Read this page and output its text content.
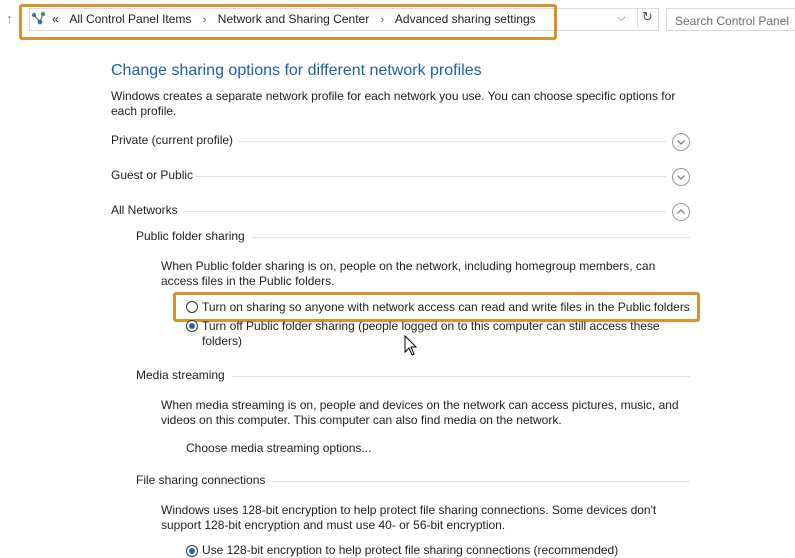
↑	« All Control Panel Items › Network and Sharing Center › Advanced sharing settings	⌵	↻	Search Control Panel
Change sharing options for different network profiles
Windows creates a separate network profile for each network you use. You can choose specific options for each profile.
Private (current profile)
Guest or Public
All Networks
Public folder sharing
When Public folder sharing is on, people on the network, including homegroup members, can access files in the Public folders.
Turn on sharing so anyone with network access can read and write files in the Public folders
Turn off Public folder sharing (people logged on to this computer can still access these folders)
Media streaming
When media streaming is on, people and devices on the network can access pictures, music, and videos on this computer. This computer can also find media on the network.
Choose media streaming options...
File sharing connections
Windows uses 128-bit encryption to help protect file sharing connections. Some devices don't support 128-bit encryption and must use 40- or 56-bit encryption.
Use 128-bit encryption to help protect file sharing connections (recommended)
